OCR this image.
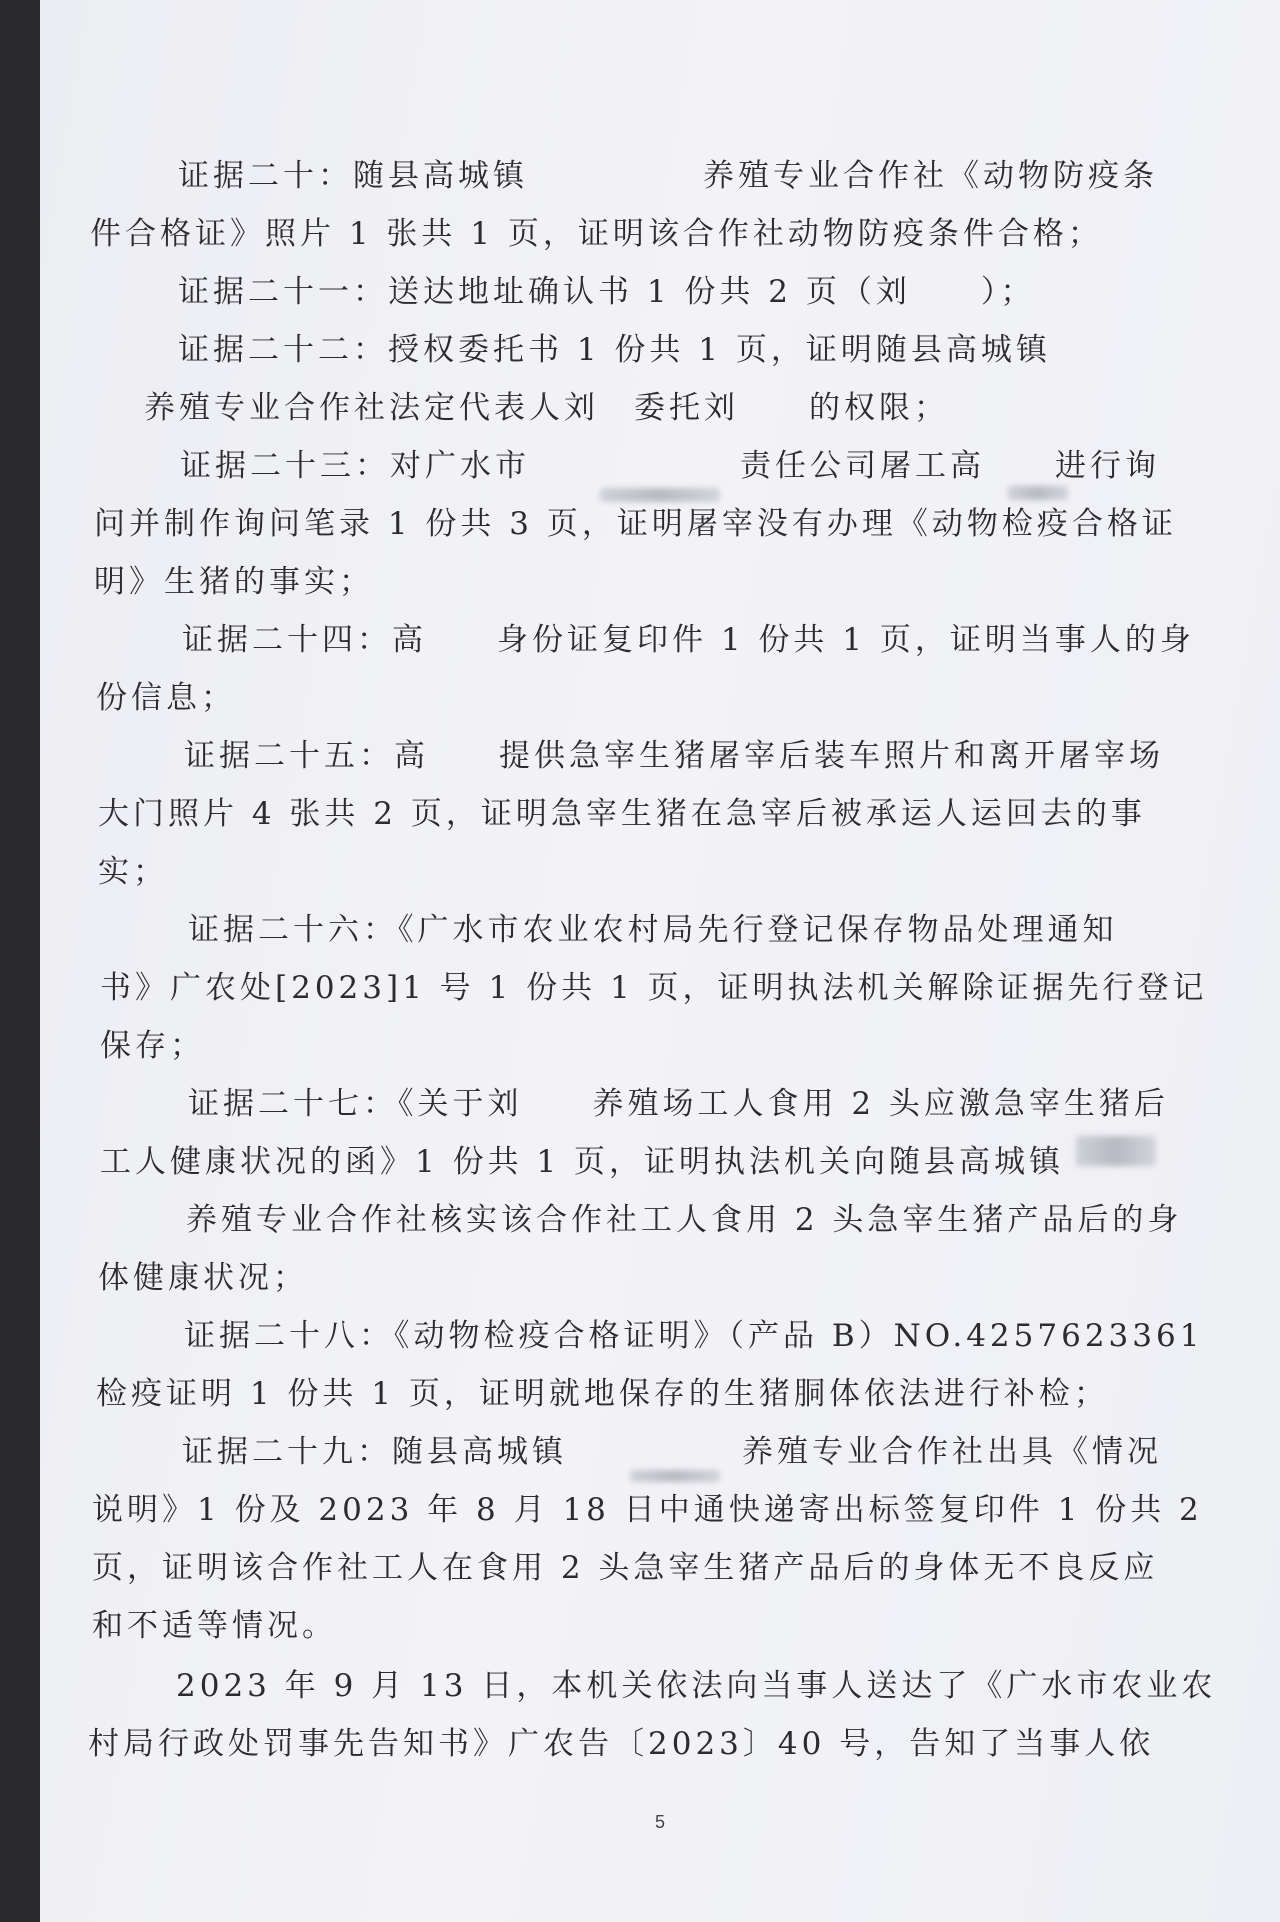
证据二十：随县高城镇　　　　　养殖专业合作社《动物防疫条
件合格证》照片 1 张共 1 页，证明该合作社动物防疫条件合格；
证据二十一：送达地址确认书 1 份共 2 页（刘　　）；
证据二十二：授权委托书 1 份共 1 页，证明随县高城镇
养殖专业合作社法定代表人刘　委托刘　　的权限；
证据二十三：对广水市　　　　　　责任公司屠工高　　进行询
问并制作询问笔录 1 份共 3 页，证明屠宰没有办理《动物检疫合格证
明》生猪的事实；
证据二十四：高　　身份证复印件 1 份共 1 页，证明当事人的身
份信息；
证据二十五：高　　提供急宰生猪屠宰后装车照片和离开屠宰场
大门照片 4 张共 2 页，证明急宰生猪在急宰后被承运人运回去的事
实；
证据二十六：《广水市农业农村局先行登记保存物品处理通知
书》广农处[2023]1 号 1 份共 1 页，证明执法机关解除证据先行登记
保存；
证据二十七：《关于刘　　养殖场工人食用 2 头应激急宰生猪后
工人健康状况的函》1 份共 1 页，证明执法机关向随县高城镇
养殖专业合作社核实该合作社工人食用 2 头急宰生猪产品后的身
体健康状况；
证据二十八：《动物检疫合格证明》（产品 B）NO.4257623361
检疫证明 1 份共 1 页，证明就地保存的生猪胴体依法进行补检；
证据二十九：随县高城镇　　　　　养殖专业合作社出具《情况
说明》1 份及 2023 年 8 月 18 日中通快递寄出标签复印件 1 份共 2
页，证明该合作社工人在食用 2 头急宰生猪产品后的身体无不良反应
和不适等情况。
2023 年 9 月 13 日，本机关依法向当事人送达了《广水市农业农
村局行政处罚事先告知书》广农告〔2023〕40 号，告知了当事人依
5
